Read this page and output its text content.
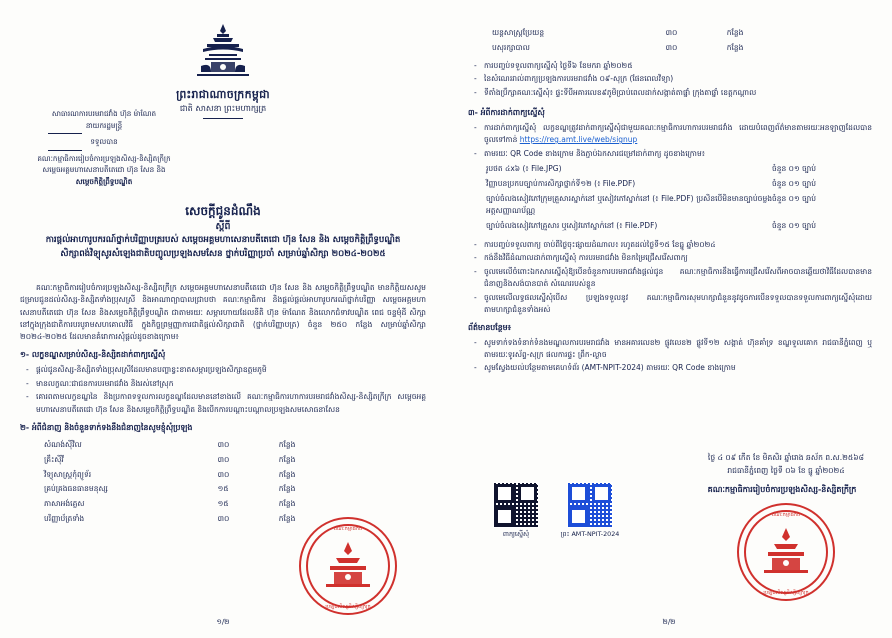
ព្រះរាជាណាចក្រកម្ពុជា
ជាតិ សាសនា ព្រះមហាក្សត្រ
សាធារណការបរមរាជវាំង ហ៊ុន ម៉ាណែត
នាយករដ្ឋមន្ត្រី
ទទួលបាន
គណៈកម្មាធិការរៀបចំការប្រឡងសិស្ស-និស្សិតក្រីក្រ
សម្ដេចអគ្គមហាសេនាបតីតេជោ ហ៊ុន សែន និង
សម្ដេចកិត្តិព្រឹទ្ធបណ្ឌិត
សេចក្ដីជូនដំណឹង
ស្ដីពី
ការផ្ដល់អាហារូបករណ៍ថ្នាក់បរិញ្ញាបត្ររបស់ សម្ដេចអគ្គមហាសេនាបតីតេជោ ហ៊ុន សែន និង សម្ដេចកិត្តិព្រឹទ្ធបណ្ឌិត សិក្សាពង់វិទ្យុសូរសំឡេងជាតិបញ្ចូលប្រឡងសមសែន ថ្នាក់បរិញ្ញាប្រចាំ សម្រាប់ឆ្នាំសិក្សា ២០២៤-២០២៥

គណៈកម្មាធិការរៀបចំការប្រឡងសិស្ស-និស្សិតក្រីក្រ សម្ដេចអគ្គមហាសេនាបតីតេជោ ហ៊ុន សែន និង សម្ដេចកិត្តិព្រឹទ្ធបណ្ឌិត មានកិត្តិយសសូមជម្រាបជូនដល់សិស្ស-និស្សិតទាំងប្រុសស្រី និងអាណាព្យាបាលជ្រាបថា គណៈកម្មាធិការ និងផ្ដល់ផ្ដល់អាហារូបករណ៍ថ្នាក់បរិញ្ញា សម្ដេចអគ្គមហាសេនាបតីតេជោ ហ៊ុន សែន និងសម្ដេចកិត្តិព្រឹទ្ធបណ្ឌិត ជាតាមរយៈ សម្ភារហាយដែលនីតិ ហ៊ុន ម៉ាណែត និងលោកជំទាវបណ្ឌិត ពេជ ចន្ទមុំដី សិក្សានៅក្នុងក្រុងជាតិការបរបូរាមសហគោលវិធី ក្នុងកិច្ចព្រម្មញ្ញាការជាតិផ្ដល់សិក្សាជាតិ (ថ្នាក់បរិញ្ញាបត្រ) ចំនួន ២៥០ កន្លែង សម្រាប់ឆ្នាំសិក្សា ២០២៤-២០២៥ ដែលមានគំរោការសុំផ្ដល់ដូចខាងក្រោម៖

១- លក្ខខណ្ឌសម្រាប់សិស្ស-និស្សិតដាក់ពាក្យស្នើសុំ
- ផ្ដល់ជូនសិស្ស-និស្សិតទាំងប្រុសស្រីដែលមានបញ្ហាខ្វះខាតសម្ភារប្រឡងសិក្សាឧត្តមភូមិ
- មានលក្ខណៈជាជនការបរមរាជវាំង និងរស់នៅស្រុក
- គោរពតាមលក្ខខណ្ឌនៃ និងប្រកាពទទួលការលក្ខខណ្ឌដែលមាននៅខាងលើ គណៈកម្មាធិការហាការបរមរាជវាំងសិស្ស-និស្សិតក្រីក្រ សម្ដេចអគ្គមហាសេនាបតីតេជោ ហ៊ុន សែន និងសម្ដេចកិត្តិព្រឹទ្ធបណ្ឌិត និងបើកការបណ្ដាះបណ្ដាលប្រឡងសមសោធនាសែន
២- អំពីជំនាញ និងចំនួនទាក់ទងនឹងជំនាញនៃសូមខ្ញុំសុំប្រឡង
សំណង់ស៊ីវិល	៣០	កន្លែង
គ្រឹះស៊ីវី	៣០	កន្លែង
វិទ្យុសាស្ត្រកុំព្យូទ័រ	៣០	កន្លែង
គ្រប់គ្រងធនធានមនុស្ស	១៥	កន្លែង
ភាសាអង់គ្លេស	១៥	កន្លែង
បរិញ្ញាប័ត្រទាំង	៣០	កន្លែង
គណៈកម្មាធិការ
ប្រឡងសិស្សនិស្សិតក្រីក្រ
១/២
យន្តសាស្ត្រប្រែយន្ត	៣០	កន្លែង
បសុរក្សាបាល	៣០	កន្លែង
- ការបញ្ចប់ទទួលពាក្យស្នើសុំ ថ្ងៃទី៦ ខែមករា ឆ្នាំ២០២៥
- នៃសំណេររាល់ពាក្យប្រឡងការបរមរាជវាំង ០៩-សុក្រ (ផែនពេលវិទ្យា)
- ទីតាំងប្រឹក្សាគណៈស្នើសុំ៖ ផ្ទះទីបីអគារលេខ៩ភូមិប្រាប់ពេលដាក់សង្កាត់តាផ្នាំ ក្រុងតាផ្នាំ ខេត្តកណ្ដាល
៣- អំពីការដាក់ពាក្យស្នើសុំ
- ការដាក់ពាក្យស្នើសុំ លក្ខខណ្ឌត្រូវដាក់ពាក្យស្នើសុំជាមួយគណៈកម្មាធិការហាការបរមរាជវាំង ដោយបំពេញព័ត៌មានតាមរយៈអនឡាញដែលបានចូលទៅកាន់ https://reg.amt.live/web/signup
- តាមរយៈ QR Code ខាងក្រោម និងភ្ជាប់ឯកសារជម្រៅដាក់ពាក្យ ដូចខាងក្រោម៖
រូបថត ៤x៦ (៖ File.JPG)	ចំនួន ០១ ច្បាប់
វិញ្ញាបនប្រកបច្បាប់ការសិក្សាថ្នាក់ទី១២ (៖ File.PDF)	ចំនួន ០១ ច្បាប់
ច្បាប់ចំលងសៀវភៅក្រុមគ្រួសារស្នាក់នៅ ឬសៀវភៅស្នាក់នៅ (៖ File.PDF) ប្រសិនបើមិនមានច្បាប់ចម្លងអត្តសញ្ញាណប័ណ្ណ	ចំនួន ០១ ច្បាប់
ច្បាប់ចំលងសៀវភៅគ្រួសារ ឬសៀវភៅស្នាក់នៅ (៖ File.PDF)	ចំនួន ០១ ច្បាប់
- ការបញ្ចប់ទទួលពាក្យ ចាប់ពីថ្ងៃចុះផ្សាយដំណាល៖ រហូតដល់ថ្ងៃទី១៥ ខែធ្នូ ឆ្នាំ២០២៤
- កង់នឹងវិធីដំណាលដាក់ពាក្យស្នើសុំ ការបរមរាជវាំង មិនកម្រៃជ្រើសរើសពាក្យ
- ចូលមេលើចំពោះឯកសារស្នើសុំឱ្យបើនចំនួនការបរមរាជវាំងផ្ដល់ជូន គណៈកម្មាធិការនឹងធ្វើការជ្រើសរើសពីអាចបានឆ្លើយថាវិធីដែលបានមានជំនាញនិងសង់បានបាត់ សំណេររបស់ខ្លួន
- ចូលមេលើលទ្ធផលស្នើសុំបើស ប្រឡងទទួលនូវ គណៈកម្មាធិការសុមហក្សាជំនួននូវដូចការបើនទទួលបានទទួលការពាក្យស្នើសុំដោយតាមហក្សាជំនួនទាំងអស់
ព័ត៌មានបន្ថែម៖
- សូមទាក់ទងទំនាក់ទំនងមណ្ឌលការបរមរាជវាំង មានអគារលេខ២ ផ្លូវលេខ២ ផ្លូវទី១២ សង្កាត់ ហ៊ុនគាំទ្រ ខណ្ឌទួលគោក រាជធានីភ្នំពេញ ឬតាមរយៈទូរស័ព្ទ-សុក្រ ផលការផ្ទះ ព្រឹក-ល្ងាច
- សូមស្វែងយល់បន្ថែមតាមគេហទំព័រ (AMT-NPIT-2024) តាមរយៈ QR Code ខាងក្រោម
ថ្ងៃ ៤ ០៩ កើត ខែ មិគសិរ ឆ្នាំរោង ឆស័ក ព.ស.២៥៦៨
រាជធានីភ្នំពេញ ថ្ងៃទី ០៦ ខែ ធ្នូ ឆ្នាំ២០២៤
គណៈកម្មាធិការរៀបចំការប្រឡងសិស្ស-និស្សិតក្រីក្រ
ពាក្យស្នើសុំ	ព្រះ AMT-NPIT-2024
គណៈកម្មាធិការ
ប្រឡងសិស្សនិស្សិតក្រីក្រ
២/២
